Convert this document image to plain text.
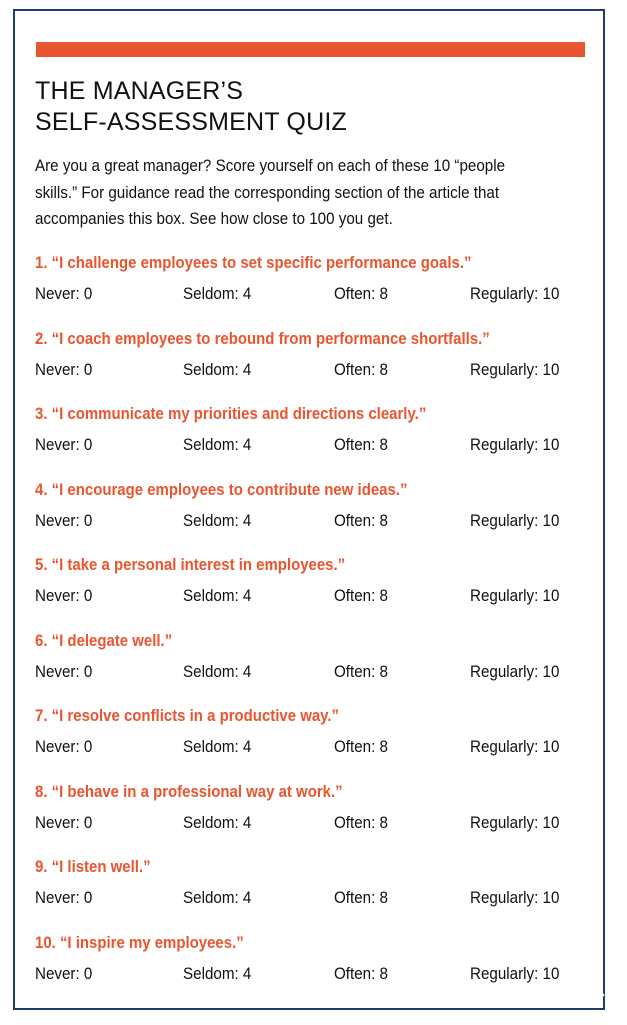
THE MANAGER’S
SELF-ASSESSMENT QUIZ

Are you a great manager? Score yourself on each of these 10 “people
skills.” For guidance read the corresponding section of the article that
accompanies this box. See how close to 100 you get.

1. “I challenge employees to set specific performance goals.”

Never: 0	Seldom: 4	Often: 8	Regularly: 10

2. “I coach employees to rebound from performance shortfalls.”

Never: 0	Seldom: 4	Often: 8	Regularly: 10

3. “I communicate my priorities and directions clearly.”

Never: 0	Seldom: 4	Often: 8	Regularly: 10

4. “I encourage employees to contribute new ideas.”

Never: 0	Seldom: 4	Often: 8	Regularly: 10

5. “I take a personal interest in employees.”

Never: 0	Seldom: 4	Often: 8	Regularly: 10

6. “I delegate well.”

Never: 0	Seldom: 4	Often: 8	Regularly: 10

7. “I resolve conflicts in a productive way.”

Never: 0	Seldom: 4	Often: 8	Regularly: 10

8. “I behave in a professional way at work.”

Never: 0	Seldom: 4	Often: 8	Regularly: 10

9. “I listen well.”

Never: 0	Seldom: 4	Often: 8	Regularly: 10

10. “I inspire my employees.”

Never: 0	Seldom: 4	Often: 8	Regularly: 10
